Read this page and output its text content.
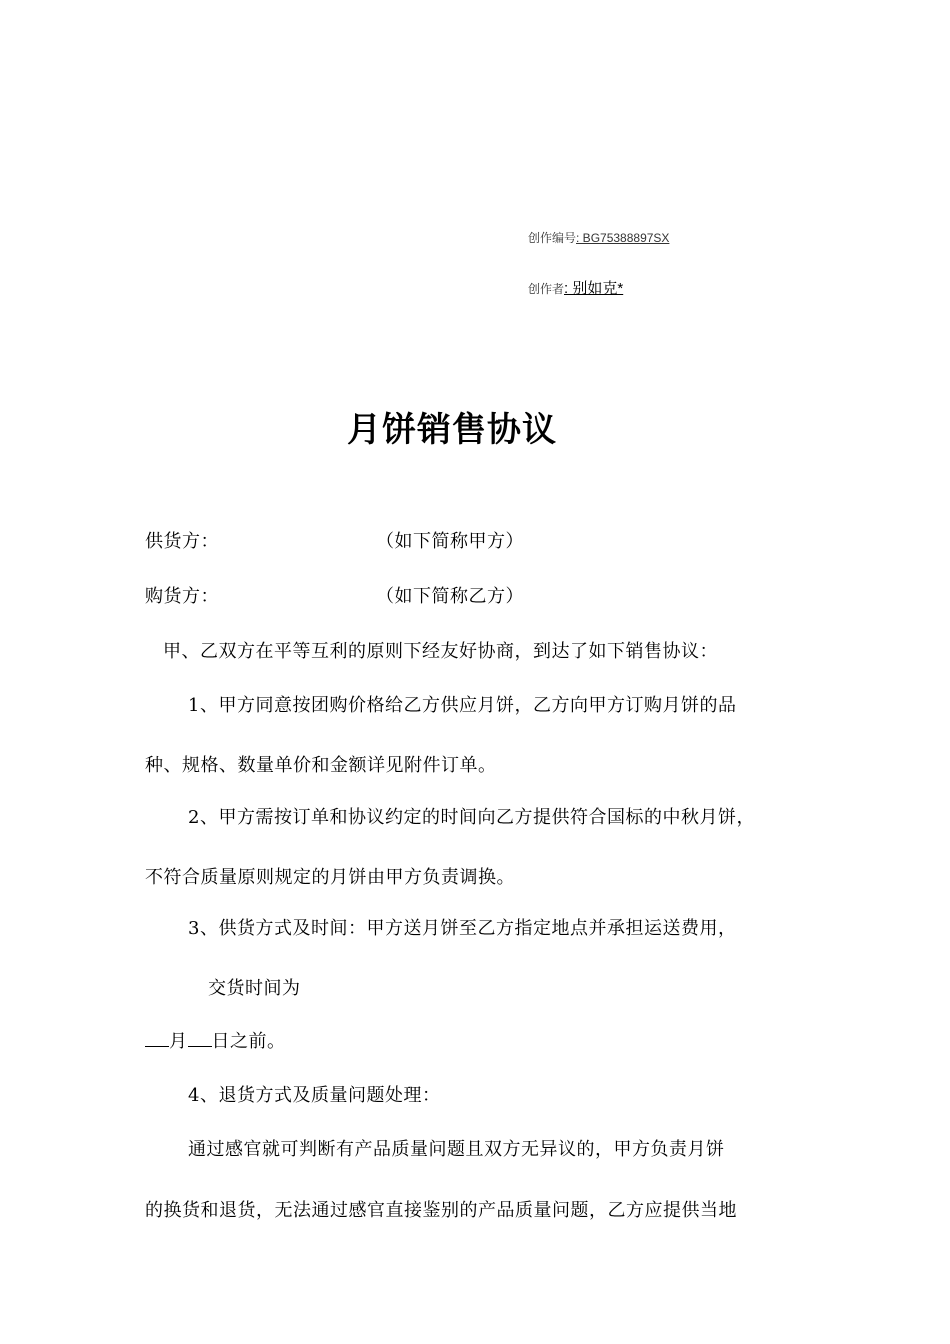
创作编号: BG75388897SX
创作者: 别如克*
月饼销售协议
供货方：	（如下简称甲方）
购货方：	（如下简称乙方）
甲、乙双方在平等互利的原则下经友好协商，到达了如下销售协议：
1、甲方同意按团购价格给乙方供应月饼，乙方向甲方订购月饼的品
种、规格、数量单价和金额详见附件订单。
2、甲方需按订单和协议约定的时间向乙方提供符合国标的中秋月饼，
不符合质量原则规定的月饼由甲方负责调换。
3、供货方式及时间：甲方送月饼至乙方指定地点并承担运送费用，
交货时间为
月 日之前。
4、退货方式及质量问题处理：
通过感官就可判断有产品质量问题且双方无异议的，甲方负责月饼
的换货和退货，无法通过感官直接鉴别的产品质量问题，乙方应提供当地
